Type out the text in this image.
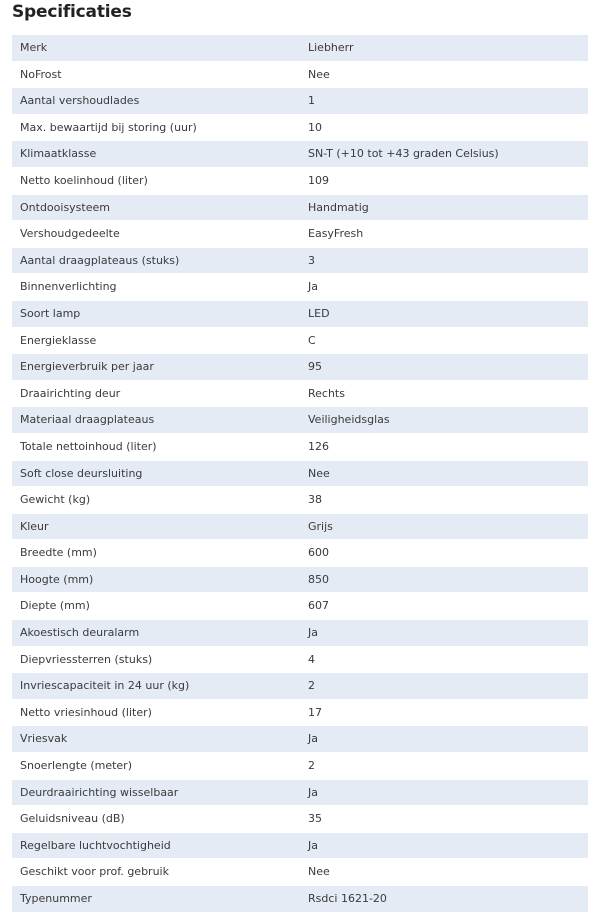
Specificaties
Merk	Liebherr
NoFrost	Nee
Aantal vershoudlades	1
Max. bewaartijd bij storing (uur)	10
Klimaatklasse	SN-T (+10 tot +43 graden Celsius)
Netto koelinhoud (liter)	109
Ontdooisysteem	Handmatig
Vershoudgedeelte	EasyFresh
Aantal draagplateaus (stuks)	3
Binnenverlichting	Ja
Soort lamp	LED
Energieklasse	C
Energieverbruik per jaar	95
Draairichting deur	Rechts
Materiaal draagplateaus	Veiligheidsglas
Totale nettoinhoud (liter)	126
Soft close deursluiting	Nee
Gewicht (kg)	38
Kleur	Grijs
Breedte (mm)	600
Hoogte (mm)	850
Diepte (mm)	607
Akoestisch deuralarm	Ja
Diepvriessterren (stuks)	4
Invriescapaciteit in 24 uur (kg)	2
Netto vriesinhoud (liter)	17
Vriesvak	Ja
Snoerlengte (meter)	2
Deurdraairichting wisselbaar	Ja
Geluidsniveau (dB)	35
Regelbare luchtvochtigheid	Ja
Geschikt voor prof. gebruik	Nee
Typenummer	Rsdci 1621-20
